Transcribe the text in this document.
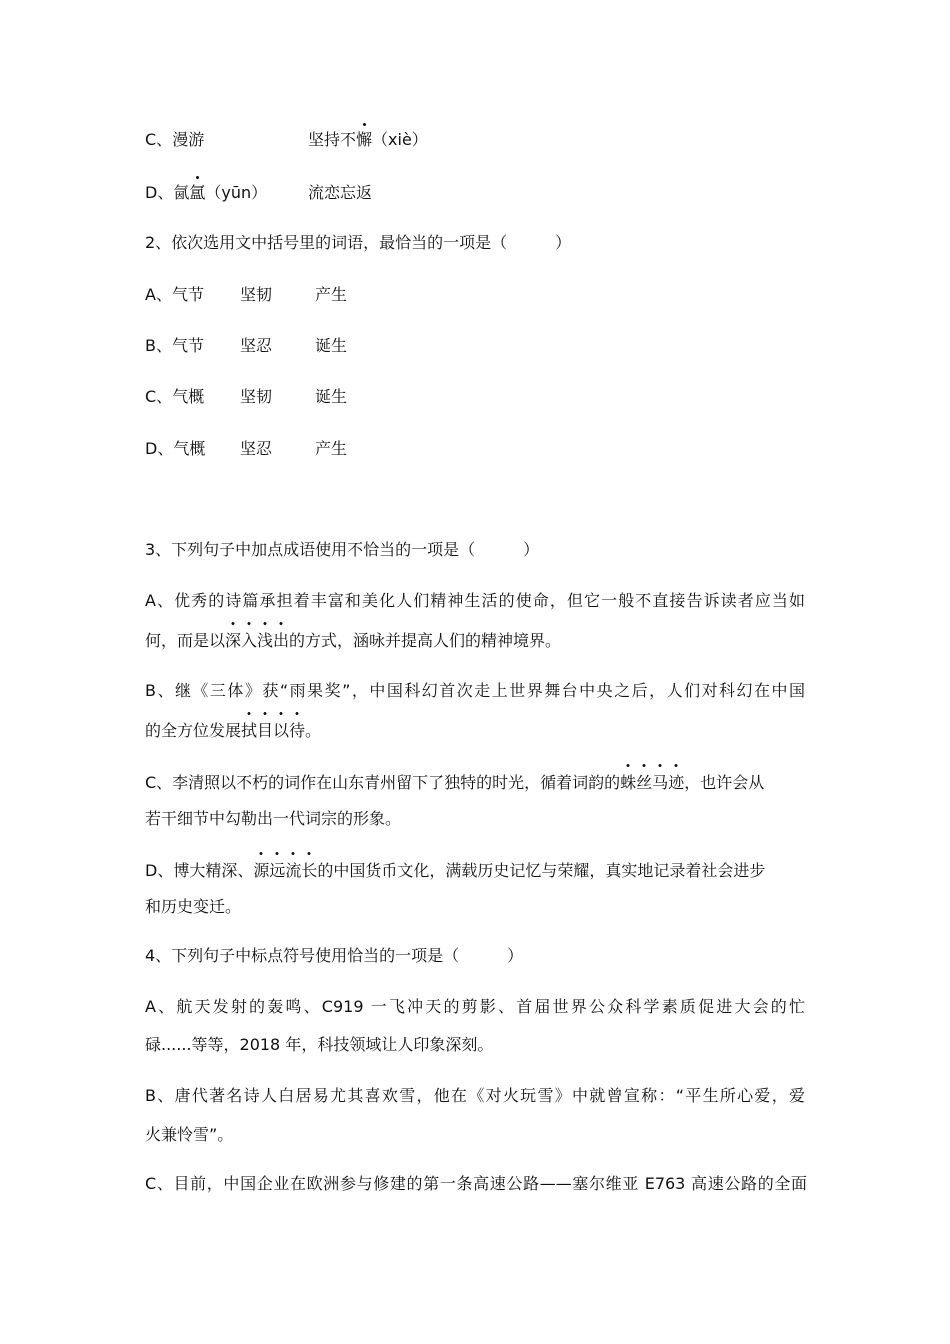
C、漫游	坚持不懈（xiè）
D、氤氲（yūn）	流恋忘返
2、依次选用文中括号里的词语，最恰当的一项是（　　　）
A、气节 坚韧	产生
B、气节 坚忍	诞生
C、气概 坚韧	诞生
D、气概 坚忍	产生
3、下列句子中加点成语使用不恰当的一项是（　　　）
A、优秀的诗篇承担着丰富和美化人们精神生活的使命，但它一般不直接告诉读者应当如
何，而是以深入浅出的方式，涵咏并提高人们的精神境界。
B、继《三体》获“雨果奖”，中国科幻首次走上世界舞台中央之后，人们对科幻在中国
的全方位发展拭目以待。
C、李清照以不朽的词作在山东青州留下了独特的时光，循着词韵的蛛丝马迹，也许会从
若干细节中勾勒出一代词宗的形象。
D、博大精深、源远流长的中国货币文化，满载历史记忆与荣耀，真实地记录着社会进步
和历史变迁。
4、下列句子中标点符号使用恰当的一项是（　　　）
A、航天发射的轰鸣、C919 一飞冲天的剪影、首届世界公众科学素质促进大会的忙
碌......等等，2018 年，科技领域让人印象深刻。
B、唐代著名诗人白居易尤其喜欢雪，他在《对火玩雪》中就曾宣称：“平生所心爱，爱
火兼怜雪”。
C、目前，中国企业在欧洲参与修建的第一条高速公路——塞尔维亚 E763 高速公路的全面
